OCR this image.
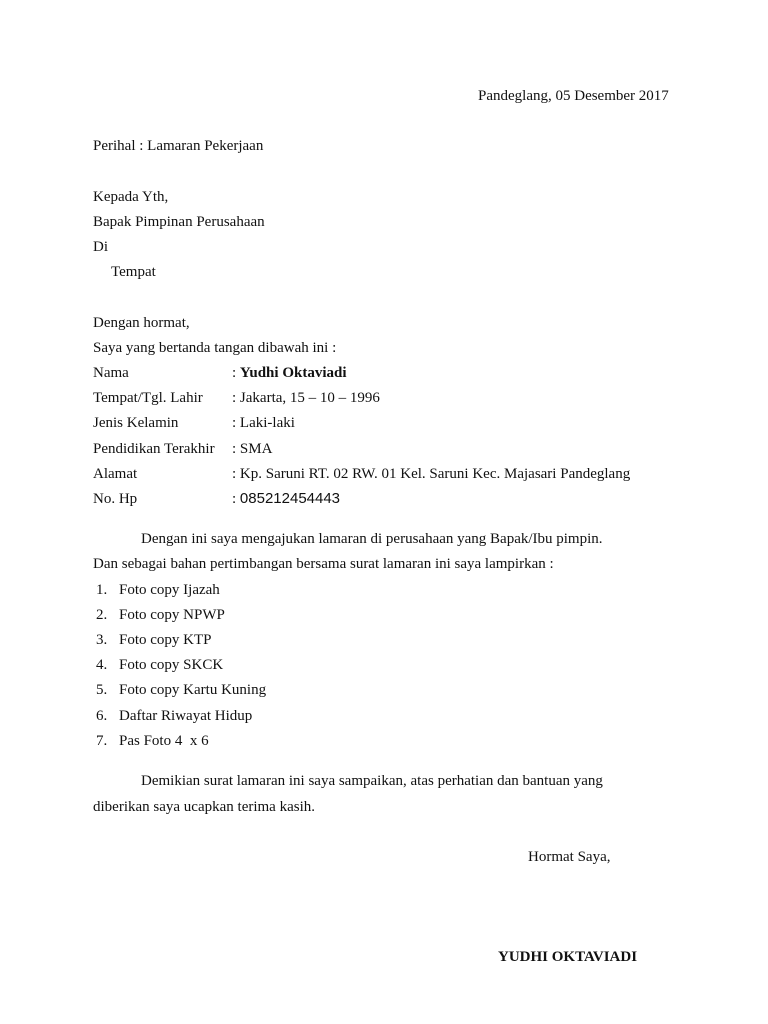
Pandeglang, 05 Desember 2017
Perihal : Lamaran Pekerjaan
Kepada Yth,
Bapak Pimpinan Perusahaan
Di
Tempat
Dengan hormat,
Saya yang bertanda tangan dibawah ini :
Nama	: Yudhi Oktaviadi
Tempat/Tgl. Lahir : Jakarta, 15 – 10 – 1996
Jenis Kelamin	: Laki-laki
Pendidikan Terakhir : SMA
Alamat	: Kp. Saruni RT. 02 RW. 01 Kel. Saruni Kec. Majasari Pandeglang
No. Hp	: 085212454443
Dengan ini saya mengajukan lamaran di perusahaan yang Bapak/Ibu pimpin.
Dan sebagai bahan pertimbangan bersama surat lamaran ini saya lampirkan :
1. Foto copy Ijazah
2. Foto copy NPWP
3. Foto copy KTP
4. Foto copy SKCK
5. Foto copy Kartu Kuning
6. Daftar Riwayat Hidup
7. Pas Foto 4  x 6
Demikian surat lamaran ini saya sampaikan, atas perhatian dan bantuan yang
diberikan saya ucapkan terima kasih.
Hormat Saya,
YUDHI OKTAVIADI
